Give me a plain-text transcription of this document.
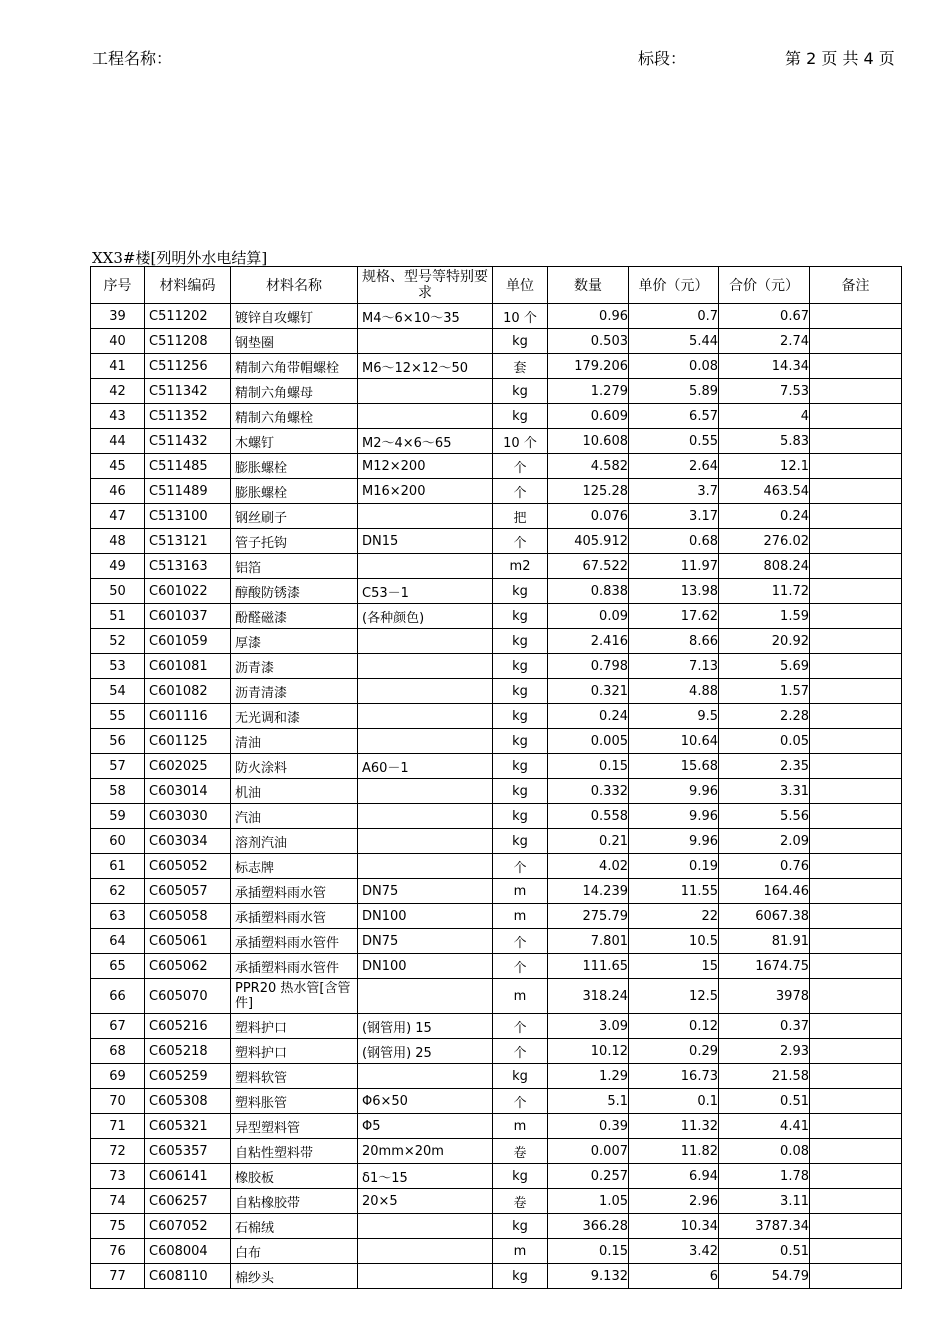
工程名称：	标段：	第 2 页 共 4 页
XX3#楼[列明外水电结算]
序号	材料编码	材料名称	规格、型号等特别要求	单位	数量	单价（元）	合价（元）	备注
39	C511202	镀锌自攻螺钉	M4～6×10～35	10 个	0.96	0.7	0.67	
40	C511208	钢垫圈		kg	0.503	5.44	2.74	
41	C511256	精制六角带帽螺栓	M6～12×12～50	套	179.206	0.08	14.34	
42	C511342	精制六角螺母		kg	1.279	5.89	7.53	
43	C511352	精制六角螺栓		kg	0.609	6.57	4	
44	C511432	木螺钉	M2～4×6～65	10 个	10.608	0.55	5.83	
45	C511485	膨胀螺栓	M12×200	个	4.582	2.64	12.1	
46	C511489	膨胀螺栓	M16×200	个	125.28	3.7	463.54	
47	C513100	钢丝刷子		把	0.076	3.17	0.24	
48	C513121	管子托钩	DN15	个	405.912	0.68	276.02	
49	C513163	铝箔		m2	67.522	11.97	808.24	
50	C601022	醇酸防锈漆	C53－1	kg	0.838	13.98	11.72	
51	C601037	酚醛磁漆	(各种颜色)	kg	0.09	17.62	1.59	
52	C601059	厚漆		kg	2.416	8.66	20.92	
53	C601081	沥青漆		kg	0.798	7.13	5.69	
54	C601082	沥青清漆		kg	0.321	4.88	1.57	
55	C601116	无光调和漆		kg	0.24	9.5	2.28	
56	C601125	清油		kg	0.005	10.64	0.05	
57	C602025	防火涂料	A60－1	kg	0.15	15.68	2.35	
58	C603014	机油		kg	0.332	9.96	3.31	
59	C603030	汽油		kg	0.558	9.96	5.56	
60	C603034	溶剂汽油		kg	0.21	9.96	2.09	
61	C605052	标志牌		个	4.02	0.19	0.76	
62	C605057	承插塑料雨水管	DN75	m	14.239	11.55	164.46	
63	C605058	承插塑料雨水管	DN100	m	275.79	22	6067.38	
64	C605061	承插塑料雨水管件	DN75	个	7.801	10.5	81.91	
65	C605062	承插塑料雨水管件	DN100	个	111.65	15	1674.75	
66	C605070	PPR20 热水管[含管件]		m	318.24	12.5	3978	
67	C605216	塑料护口	(钢管用) 15	个	3.09	0.12	0.37	
68	C605218	塑料护口	(钢管用) 25	个	10.12	0.29	2.93	
69	C605259	塑料软管		kg	1.29	16.73	21.58	
70	C605308	塑料胀管	Φ6×50	个	5.1	0.1	0.51	
71	C605321	异型塑料管	Φ5	m	0.39	11.32	4.41	
72	C605357	自粘性塑料带	20mm×20m	卷	0.007	11.82	0.08	
73	C606141	橡胶板	δ1～15	kg	0.257	6.94	1.78	
74	C606257	自粘橡胶带	20×5	卷	1.05	2.96	3.11	
75	C607052	石棉绒		kg	366.28	10.34	3787.34	
76	C608004	白布		m	0.15	3.42	0.51	
77	C608110	棉纱头		kg	9.132	6	54.79	
